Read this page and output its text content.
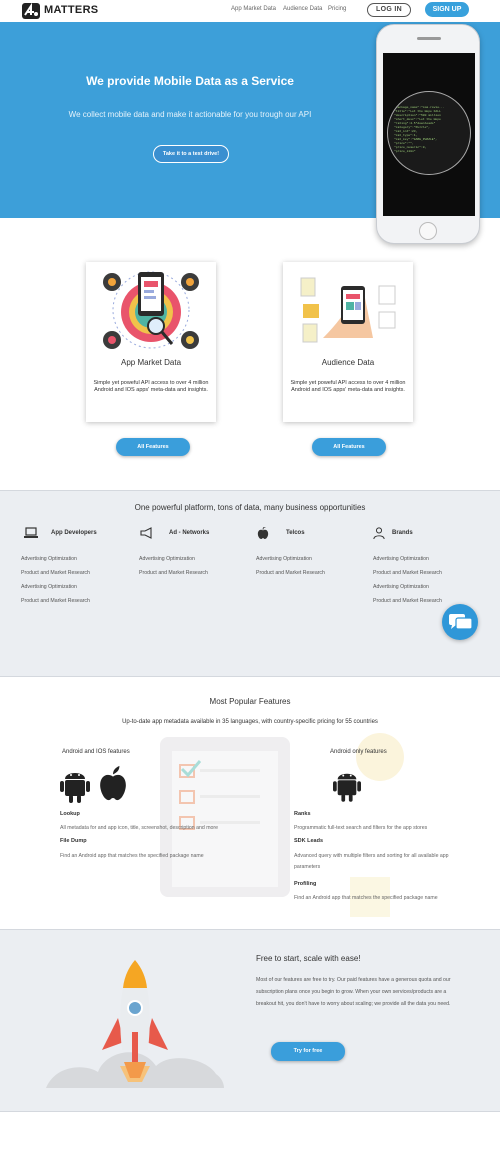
MATTERS	App Market Data Audience Data Pricing	LOG IN	SIGN UP
We provide Mobile Data as a Service
We collect mobile data and make it actionable for you trough our API
Take it to a test drive!
"package_name":"com.rovio...
"title":"Let the Hope FALL
"description":"500 million
"short_desc":"Let the Hope
"rating":4.5"downloads"
"category":"Puzzle",
"cat_int":23,
"cat_type":1,
"cat_key":"GAME_PUZZLE",
"price":"",
"price_numeric":0,
"price_i18n"
App Market Data
Simple yet poweful API access to over 4 million Android and IOS apps' meta-data and insights.
All Features
Audience Data
Simple yet poweful API access to over 4 million Android and IOS apps' meta-data and insights.
All Features
One powerful platform, tons of data, many business opportunities
App Developers
Advertising Optimization
Product and Market Research
Advertising Optimization
Product and Market Research
Ad - Networks
Advertising Optimization
Product and Market Research
Telcos
Advertising Optimization
Product and Market Research
Brands
Advertising Optimization
Product and Market Research
Advertising Optimization
Product and Market Research
Most Popular Features
Up-to-date app metadata available in 35 languages, with country-specific pricing for 55 countries
Android and IOS features
Lookup
All metadata for and app icon, title, screenshot, description and more
File Dump
Find an Android app that matches the specified package name
Android only features
Ranks
Programmatic full-text search and filters for the app stores
SDK Leads
Advanced query with multiple filters and sorting for all available app parameters
Profiling
Find an Android app that matches the specified package name
Free to start, scale with ease!
Most of our features are free to try. Our paid features have a generous quota and our subscription plans once you begin to grow. When your own services/products are a breakout hit, you don't have to worry about scaling; we provide all the data you need.
Try for free
